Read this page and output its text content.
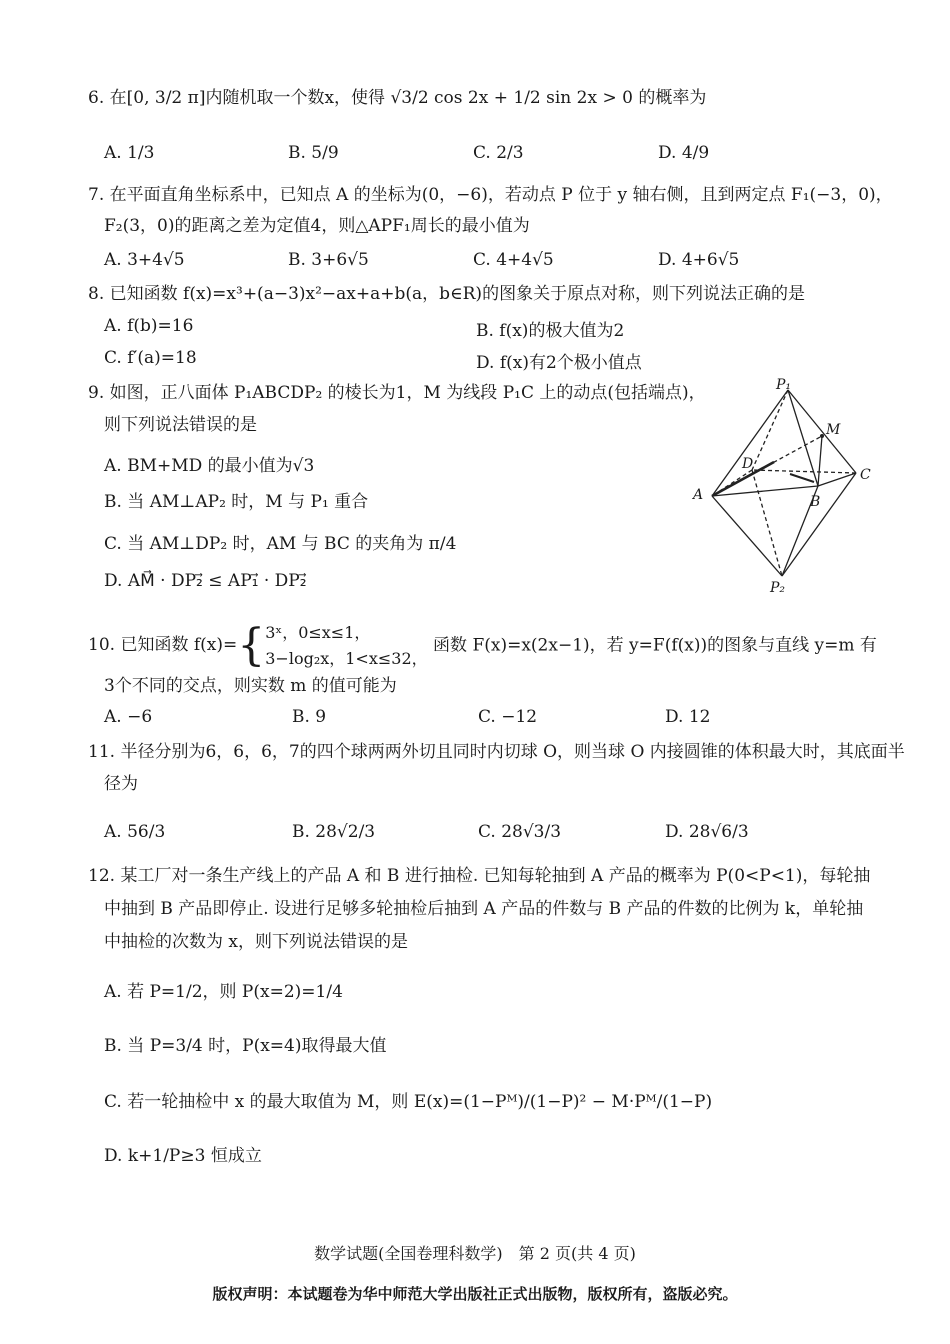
6. 在[0, 3/2 π]内随机取一个数x，使得 √3/2 cos 2x + 1/2 sin 2x > 0 的概率为
A. 1/3	B. 5/9	C. 2/3	D. 4/9
7. 在平面直角坐标系中，已知点 A 的坐标为(0，−6)，若动点 P 位于 y 轴右侧，且到两定点 F₁(−3，0)，
F₂(3，0)的距离之差为定值4，则△APF₁周长的最小值为
A. 3+4√5	B. 3+6√5	C. 4+4√5	D. 4+6√5
8. 已知函数 f(x)=x³+(a−3)x²−ax+a+b(a，b∈R)的图象关于原点对称，则下列说法正确的是
A. f(b)=16	B. f(x)的极大值为2
C. f′(a)=18	D. f(x)有2个极小值点
9. 如图，正八面体 P₁ABCDP₂ 的棱长为1，M 为线段 P₁C 上的动点(包括端点)，
则下列说法错误的是
A. BM+MD 的最小值为√3
B. 当 AM⊥AP₂ 时，M 与 P₁ 重合
C. 当 AM⊥DP₂ 时，AM 与 BC 的夹角为 π/4
D. AM⃗ · DP₂⃗ ≤ AP₁⃗ · DP₂⃗
P₁
M
D
C
A	B
P₂
10. 已知函数 f(x)={ 3ˣ，0≤x≤1，
3−log₂x，1<x≤32，
函数 F(x)=x(2x−1)，若 y=F(f(x))的图象与直线 y=m 有
3个不同的交点，则实数 m 的值可能为
A. −6	B. 9	C. −12	D. 12
11. 半径分别为6，6，6，7的四个球两两外切且同时内切球 O，则当球 O 内接圆锥的体积最大时，其底面半
径为
A. 56/3	B. 28√2/3	C. 28√3/3	D. 28√6/3
12. 某工厂对一条生产线上的产品 A 和 B 进行抽检. 已知每轮抽到 A 产品的概率为 P(0<P<1)，每轮抽
中抽到 B 产品即停止. 设进行足够多轮抽检后抽到 A 产品的件数与 B 产品的件数的比例为 k，单轮抽
中抽检的次数为 x，则下列说法错误的是
A. 若 P=1/2，则 P(x=2)=1/4
B. 当 P=3/4 时，P(x=4)取得最大值
C. 若一轮抽检中 x 的最大取值为 M，则 E(x)=(1−Pᴹ)/(1−P)² − M·Pᴹ/(1−P)
D. k+1/P≥3 恒成立
数学试题(全国卷理科数学)　第 2 页(共 4 页)
版权声明：本试题卷为华中师范大学出版社正式出版物，版权所有，盗版必究。
